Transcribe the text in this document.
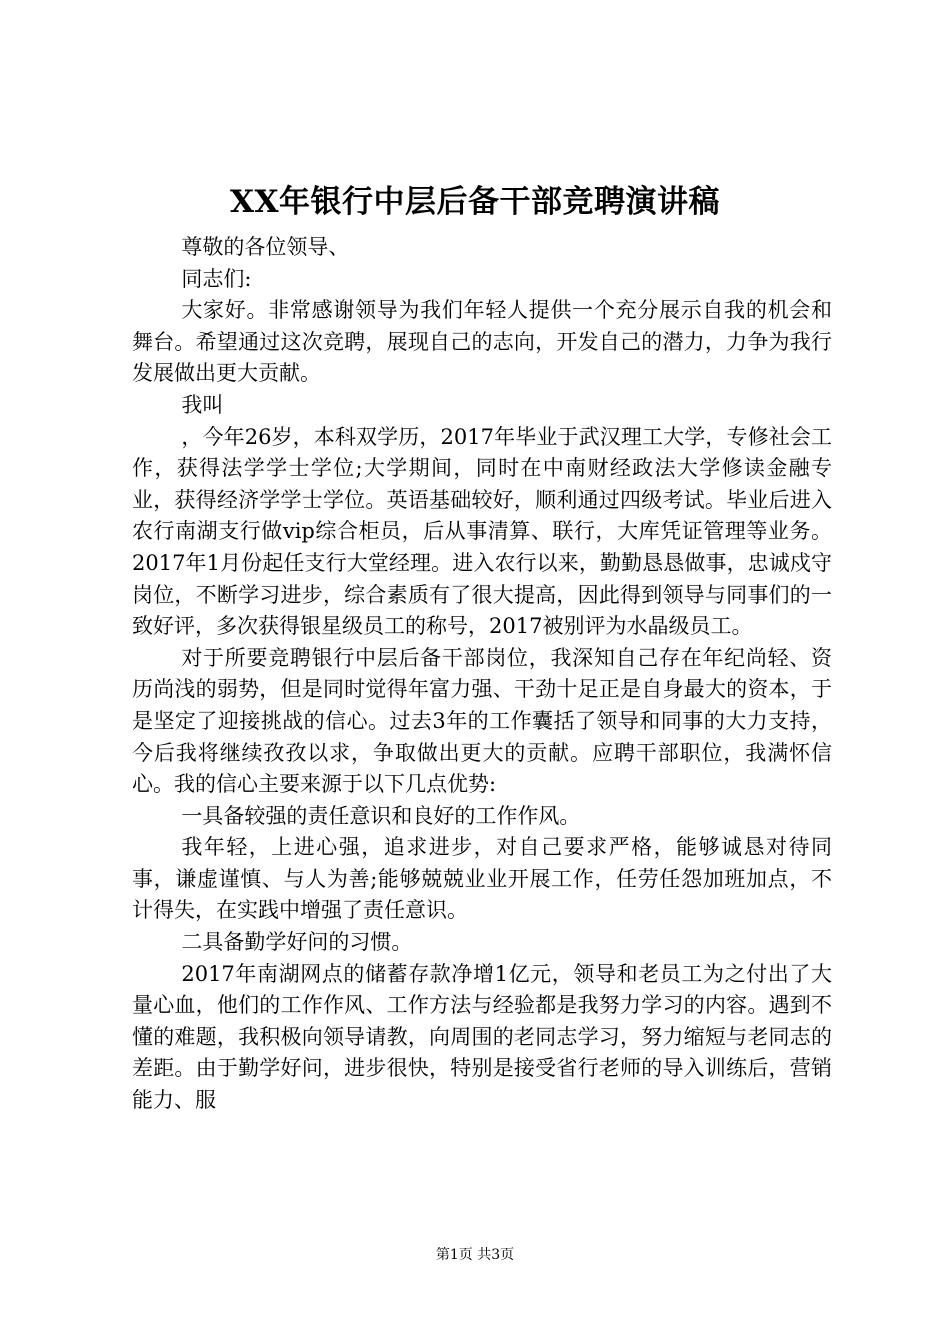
XX年银行中层后备干部竞聘演讲稿

尊敬的各位领导、

同志们:

大家好。非常感谢领导为我们年轻人提供一个充分展示自我的机会和舞台。希望通过这次竞聘，展现自己的志向，开发自己的潜力，力争为我行发展做出更大贡献。

我叫

，今年26岁，本科双学历，2017年毕业于武汉理工大学，专修社会工作，获得法学学士学位;大学期间，同时在中南财经政法大学修读金融专业，获得经济学学士学位。英语基础较好，顺利通过四级考试。毕业后进入农行南湖支行做vip综合柜员，后从事清算、联行，大库凭证管理等业务。2017年1月份起任支行大堂经理。进入农行以来，勤勤恳恳做事，忠诚戍守岗位，不断学习进步，综合素质有了很大提高，因此得到领导与同事们的一致好评，多次获得银星级员工的称号，2017被别评为水晶级员工。

对于所要竞聘银行中层后备干部岗位，我深知自己存在年纪尚轻、资历尚浅的弱势，但是同时觉得年富力强、干劲十足正是自身最大的资本，于是坚定了迎接挑战的信心。过去3年的工作囊括了领导和同事的大力支持，今后我将继续孜孜以求，争取做出更大的贡献。应聘干部职位，我满怀信心。我的信心主要来源于以下几点优势:

一具备较强的责任意识和良好的工作作风。

我年轻，上进心强，追求进步，对自己要求严格，能够诚恳对待同事，谦虚谨慎、与人为善;能够兢兢业业开展工作，任劳任怨加班加点，不计得失，在实践中增强了责任意识。

二具备勤学好问的习惯。

2017年南湖网点的储蓄存款净增1亿元，领导和老员工为之付出了大量心血，他们的工作作风、工作方法与经验都是我努力学习的内容。遇到不懂的难题，我积极向领导请教，向周围的老同志学习，努力缩短与老同志的差距。由于勤学好问，进步很快，特别是接受省行老师的导入训练后，营销能力、服

第1页 共3页
